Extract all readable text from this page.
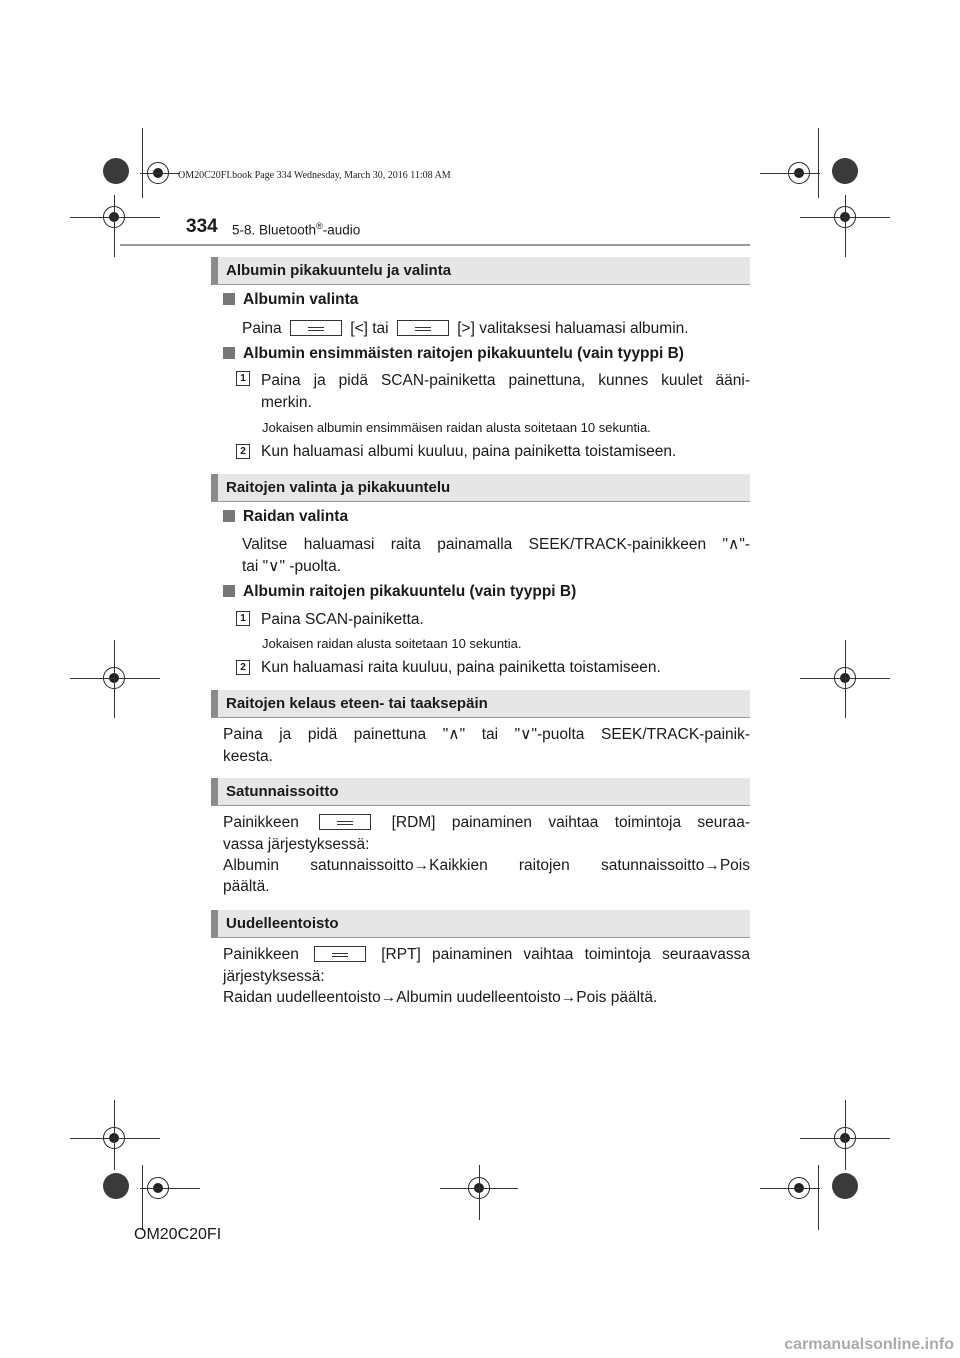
OM20C20FI.book Page 334 Wednesday, March 30, 2016 11:08 AM
334 5-8. Bluetooth®-audio
Albumin pikakuuntelu ja valinta
Albumin valinta
Paina	[<] tai	[>] valitaksesi haluamasi albumin.
Albumin ensimmäisten raitojen pikakuuntelu (vain tyyppi B)
1 Paina ja pidä SCAN-painiketta painettuna, kunnes kuulet ääni-
merkin.
Jokaisen albumin ensimmäisen raidan alusta soitetaan 10 sekuntia.
2 Kun haluamasi albumi kuuluu, paina painiketta toistamiseen.
Raitojen valinta ja pikakuuntelu
Raidan valinta
Valitse haluamasi raita painamalla SEEK/TRACK-painikkeen "∧"-
tai "∨" -puolta.
Albumin raitojen pikakuuntelu (vain tyyppi B)
1 Paina SCAN-painiketta.
Jokaisen raidan alusta soitetaan 10 sekuntia.
2 Kun haluamasi raita kuuluu, paina painiketta toistamiseen.
Raitojen kelaus eteen- tai taaksepäin
Paina ja pidä painettuna "∧" tai "∨"-puolta SEEK/TRACK-painik-
keesta.
Satunnaissoitto
Painikkeen	[RDM] painaminen vaihtaa toimintoja seuraa-
vassa järjestyksessä:
Albumin satunnaissoitto→Kaikkien raitojen satunnaissoitto→Pois
päältä.
Uudelleentoisto
Painikkeen	[RPT] painaminen vaihtaa toimintoja seuraavassa
järjestyksessä:
Raidan uudelleentoisto→Albumin uudelleentoisto→Pois päältä.
OM20C20FI
carmanualsonline.info
